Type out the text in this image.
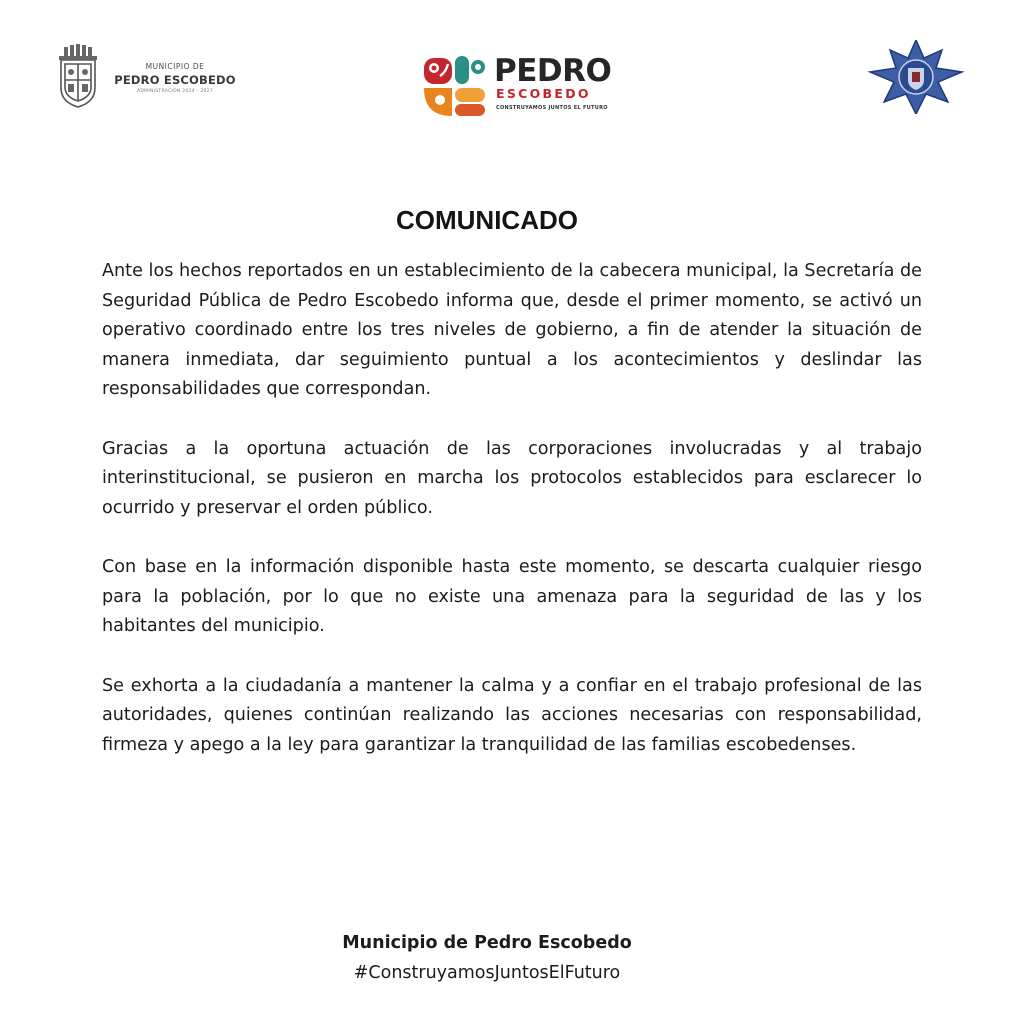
MUNICIPIO DE
PEDRO ESCOBEDO
ADMINISTRACIÓN 2024 - 2027
PEDRO
ESCOBEDO
CONSTRUYAMOS JUNTOS EL FUTURO
COMUNICADO

Ante los hechos reportados en un establecimiento de la cabecera municipal, la Secretaría de Seguridad Pública de Pedro Escobedo informa que, desde el primer momento, se activó un operativo coordinado entre los tres niveles de gobierno, a fin de atender la situación de manera inmediata, dar seguimiento puntual a los acontecimientos y deslindar las responsabilidades que correspondan.

Gracias a la oportuna actuación de las corporaciones involucradas y al trabajo interinstitucional, se pusieron en marcha los protocolos establecidos para esclarecer lo ocurrido y preservar el orden público.

Con base en la información disponible hasta este momento, se descarta cualquier riesgo para la población, por lo que no existe una amenaza para la seguridad de las y los habitantes del municipio.

Se exhorta a la ciudadanía a mantener la calma y a confiar en el trabajo profesional de las autoridades, quienes continúan realizando las acciones necesarias con responsabilidad, firmeza y apego a la ley para garantizar la tranquilidad de las familias escobedenses.

Municipio de Pedro Escobedo
#ConstruyamosJuntosElFuturo
